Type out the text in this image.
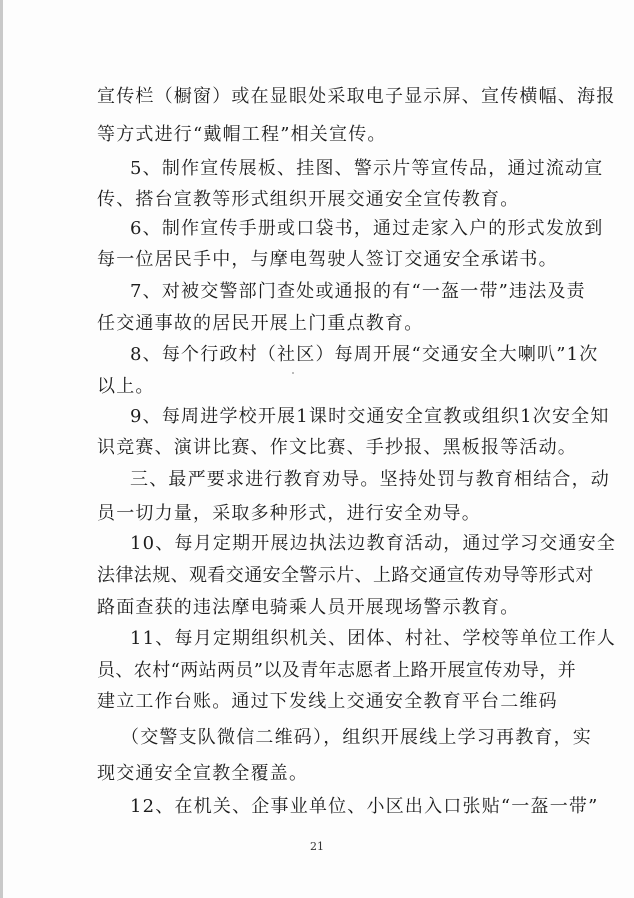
宣传栏（橱窗）或在显眼处采取电子显示屏、宣传横幅、海报
等方式进行“戴帽工程”相关宣传。
5、制作宣传展板、挂图、警示片等宣传品，通过流动宣
传、搭台宣教等形式组织开展交通安全宣传教育。
6、制作宣传手册或口袋书，通过走家入户的形式发放到
每一位居民手中，与摩电驾驶人签订交通安全承诺书。
7、对被交警部门查处或通报的有“一盔一带”违法及责
任交通事故的居民开展上门重点教育。
8、每个行政村（社区）每周开展“交通安全大喇叭”1次
以上。
9、每周进学校开展1课时交通安全宣教或组织1次安全知
识竞赛、演讲比赛、作文比赛、手抄报、黑板报等活动。
三、最严要求进行教育劝导。坚持处罚与教育相结合，动
员一切力量，采取多种形式，进行安全劝导。
10、每月定期开展边执法边教育活动，通过学习交通安全
法律法规、观看交通安全警示片、上路交通宣传劝导等形式对
路面查获的违法摩电骑乘人员开展现场警示教育。
11、每月定期组织机关、团体、村社、学校等单位工作人
员、农村“两站两员”以及青年志愿者上路开展宣传劝导，并
建立工作台账。通过下发线上交通安全教育平台二维码
（交警支队微信二维码），组织开展线上学习再教育，实
现交通安全宣教全覆盖。
12、在机关、企事业单位、小区出入口张贴“一盔一带”
21
